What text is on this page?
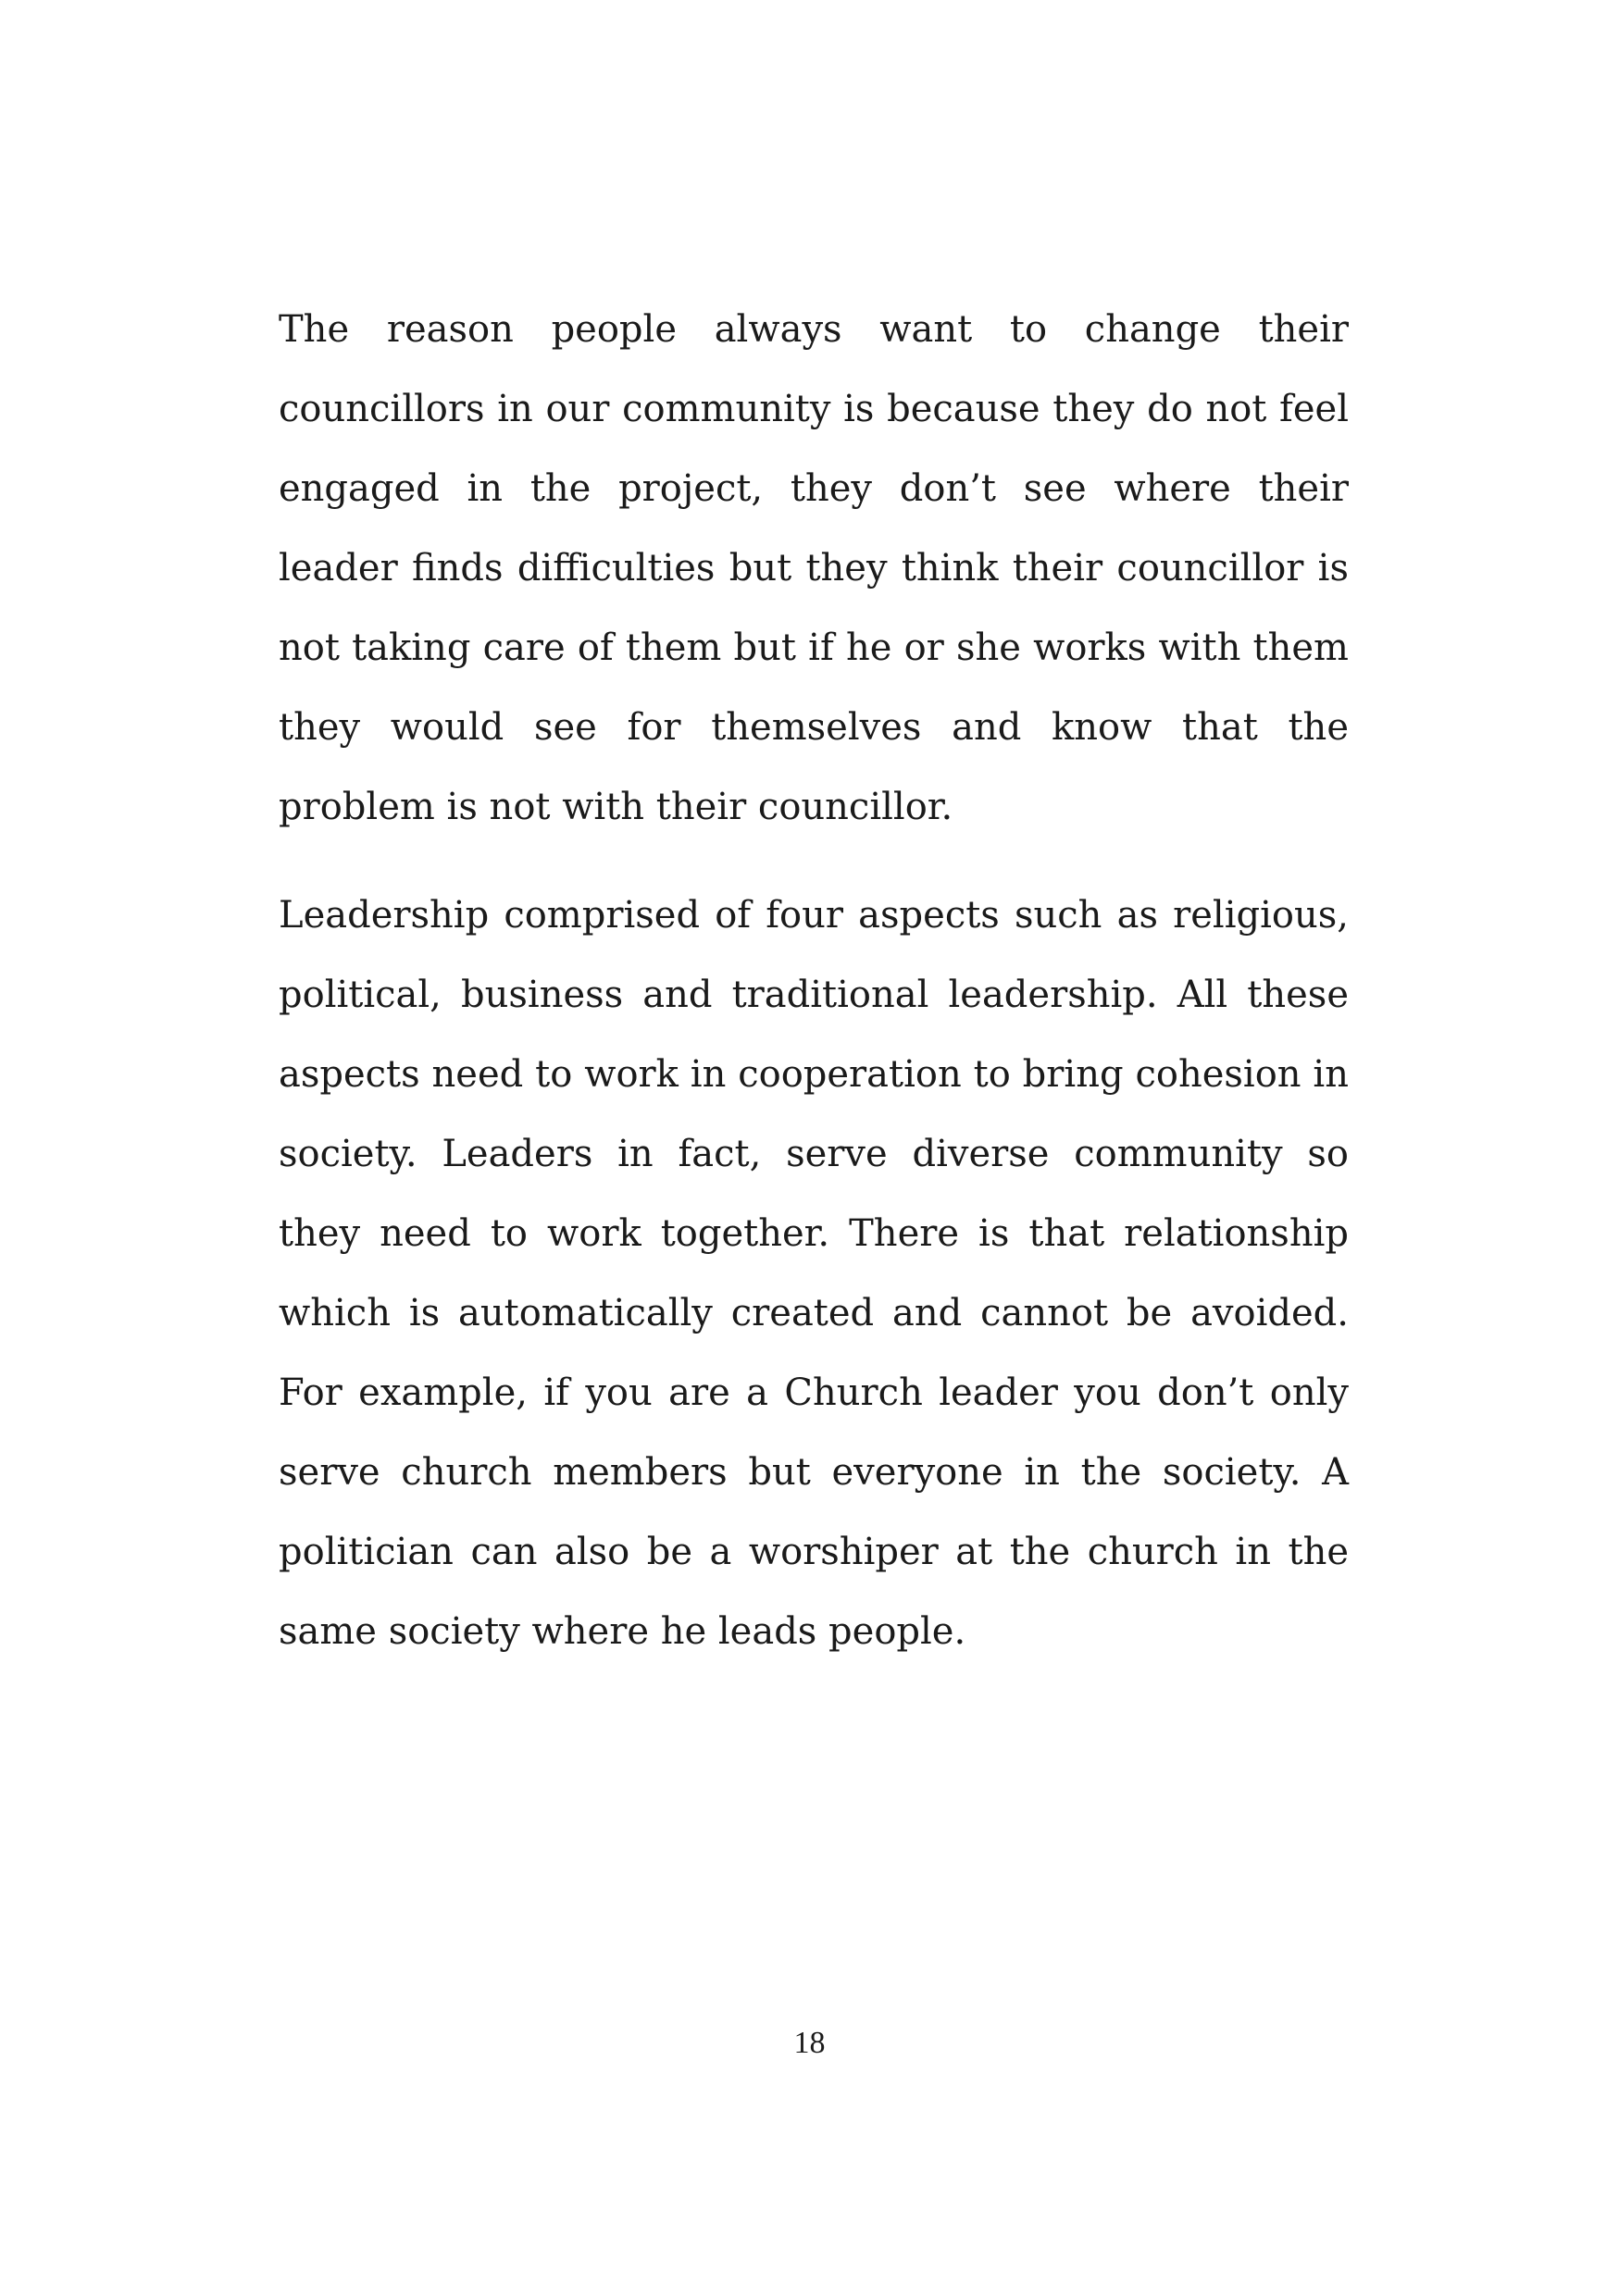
The reason people always want to change their councillors in our community is because they do not feel engaged in the project, they don’t see where their leader finds difficulties but they think their councillor is not taking care of them but if he or she works with them they would see for themselves and know that the problem is not with their councillor.

Leadership comprised of four aspects such as religious, political, business and traditional leadership. All these aspects need to work in cooperation to bring cohesion in society. Leaders in fact, serve diverse community so they need to work together. There is that relationship which is automatically created and cannot be avoided. For example, if you are a Church leader you don’t only serve church members but everyone in the society. A politician can also be a worshiper at the church in the same society where he leads people.

18
